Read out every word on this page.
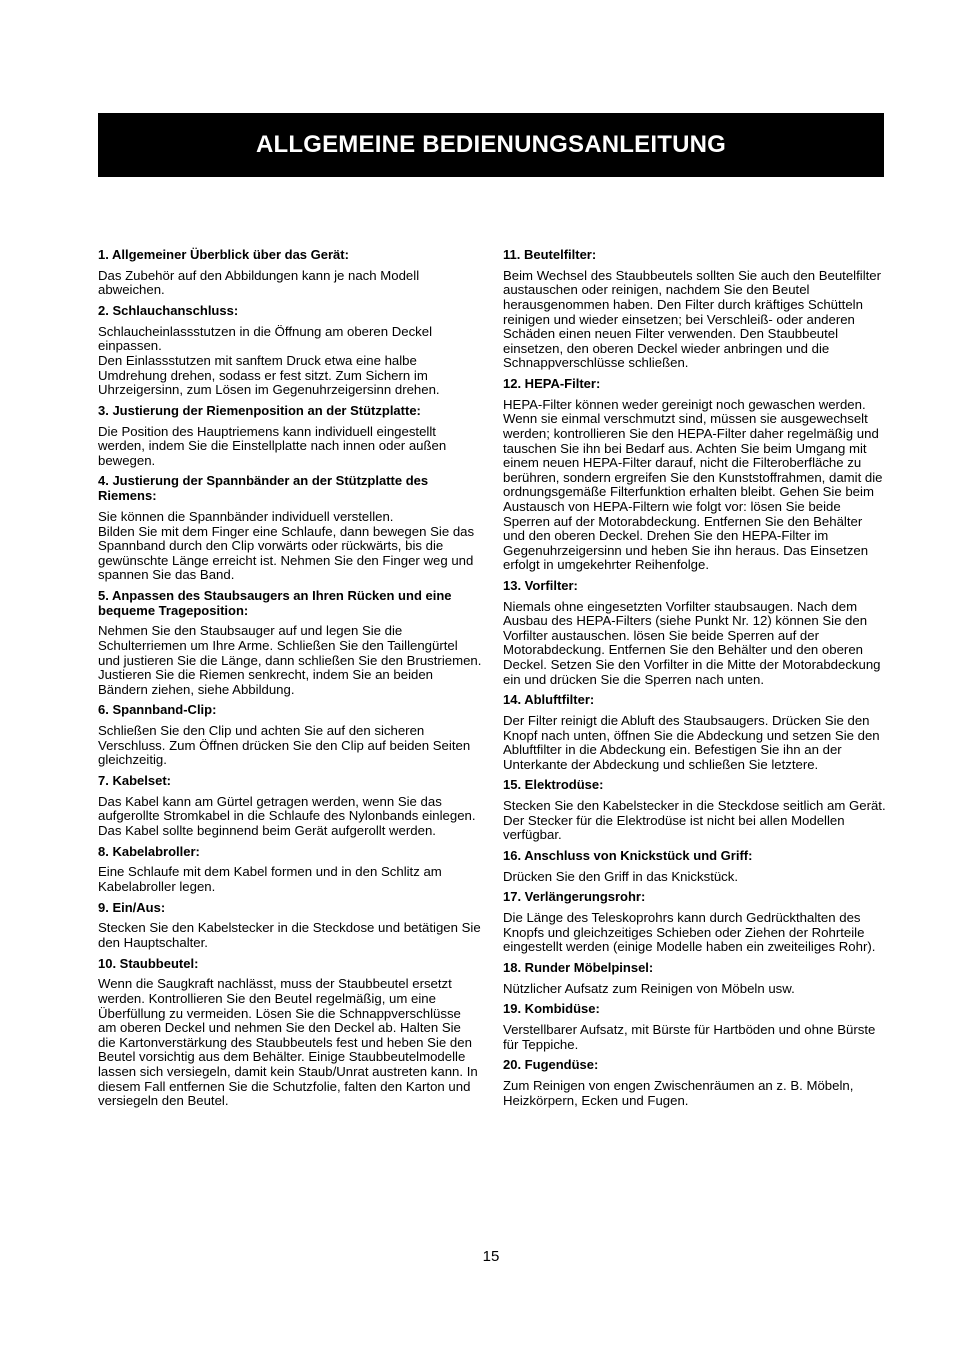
ALLGEMEINE BEDIENUNGSANLEITUNG
1. Allgemeiner Überblick über das Gerät:

Das Zubehör auf den Abbildungen kann je nach Modell abweichen.

2. Schlauchanschluss:

Schlaucheinlassstutzen in die Öffnung am oberen Deckel einpassen.
Den Einlassstutzen mit sanftem Druck etwa eine halbe Umdrehung drehen, sodass er fest sitzt. Zum Sichern im Uhrzeigersinn, zum Lösen im Gegenuhrzeigersinn drehen.

3. Justierung der Riemenposition an der Stützplatte:

Die Position des Hauptriemens kann individuell eingestellt werden, indem Sie die Einstellplatte nach innen oder außen bewegen.

4. Justierung der Spannbänder an der Stützplatte des Riemens:

Sie können die Spannbänder individuell verstellen.
Bilden Sie mit dem Finger eine Schlaufe, dann bewegen Sie das Spannband durch den Clip vorwärts oder rückwärts, bis die gewünschte Länge erreicht ist. Nehmen Sie den Finger weg und spannen Sie das Band.

5. Anpassen des Staubsaugers an Ihren Rücken und eine bequeme Trageposition:

Nehmen Sie den Staubsauger auf und legen Sie die Schulterriemen um Ihre Arme. Schließen Sie den Taillengürtel und justieren Sie die Länge, dann schließen Sie den Brustriemen. Justieren Sie die Riemen senkrecht, indem Sie an beiden Bändern ziehen, siehe Abbildung.

6. Spannband-Clip:

Schließen Sie den Clip und achten Sie auf den sicheren Verschluss. Zum Öffnen drücken Sie den Clip auf beiden Seiten gleichzeitig.

7. Kabelset:

Das Kabel kann am Gürtel getragen werden, wenn Sie das aufgerollte Stromkabel in die Schlaufe des Nylonbands einlegen. Das Kabel sollte beginnend beim Gerät aufgerollt werden.

8. Kabelabroller:

Eine Schlaufe mit dem Kabel formen und in den Schlitz am Kabelabroller legen.

9. Ein/Aus:

Stecken Sie den Kabelstecker in die Steckdose und betätigen Sie den Hauptschalter.

10. Staubbeutel:

Wenn die Saugkraft nachlässt, muss der Staubbeutel ersetzt werden. Kontrollieren Sie den Beutel regelmäßig, um eine Überfüllung zu vermeiden. Lösen Sie die Schnappverschlüsse am oberen Deckel und nehmen Sie den Deckel ab. Halten Sie die Kartonverstärkung des Staubbeutels fest und heben Sie den Beutel vorsichtig aus dem Behälter. Einige Staubbeutelmodelle lassen sich versiegeln, damit kein Staub/Unrat austreten kann. In diesem Fall entfernen Sie die Schutzfolie, falten den Karton und versiegeln den Beutel.

11. Beutelfilter:

Beim Wechsel des Staubbeutels sollten Sie auch den Beutelfilter austauschen oder reinigen, nachdem Sie den Beutel herausgenommen haben. Den Filter durch kräftiges Schütteln reinigen und wieder einsetzen; bei Verschleiß- oder anderen Schäden einen neuen Filter verwenden. Den Staubbeutel einsetzen, den oberen Deckel wieder anbringen und die Schnappverschlüsse schließen.

12. HEPA-Filter:

HEPA-Filter können weder gereinigt noch gewaschen werden. Wenn sie einmal verschmutzt sind, müssen sie ausgewechselt werden; kontrollieren Sie den HEPA-Filter daher regelmäßig und tauschen Sie ihn bei Bedarf aus. Achten Sie beim Umgang mit einem neuen HEPA-Filter darauf, nicht die Filteroberfläche zu berühren, sondern ergreifen Sie den Kunststoffrahmen, damit die ordnungsgemäße Filterfunktion erhalten bleibt. Gehen Sie beim Austausch von HEPA-Filtern wie folgt vor: lösen Sie beide Sperren auf der Motorabdeckung. Entfernen Sie den Behälter und den oberen Deckel. Drehen Sie den HEPA-Filter im Gegenuhrzeigersinn und heben Sie ihn heraus. Das Einsetzen erfolgt in umgekehrter Reihenfolge.

13. Vorfilter:

Niemals ohne eingesetzten Vorfilter staubsaugen. Nach dem Ausbau des HEPA-Filters (siehe Punkt Nr. 12) können Sie den Vorfilter austauschen. lösen Sie beide Sperren auf der Motorabdeckung. Entfernen Sie den Behälter und den oberen Deckel. Setzen Sie den Vorfilter in die Mitte der Motorabdeckung ein und drücken Sie die Sperren nach unten.

14. Abluftfilter:

Der Filter reinigt die Abluft des Staubsaugers. Drücken Sie den Knopf nach unten, öffnen Sie die Abdeckung und setzen Sie den Abluftfilter in die Abdeckung ein. Befestigen Sie ihn an der Unterkante der Abdeckung und schließen Sie letztere.

15. Elektrodüse:

Stecken Sie den Kabelstecker in die Steckdose seitlich am Gerät. Der Stecker für die Elektrodüse ist nicht bei allen Modellen verfügbar.

16. Anschluss von Knickstück und Griff:

Drücken Sie den Griff in das Knickstück.

17. Verlängerungsrohr:

Die Länge des Teleskoprohrs kann durch Gedrückthalten des Knopfs und gleichzeitiges Schieben oder Ziehen der Rohrteile eingestellt werden (einige Modelle haben ein zweiteiliges Rohr).

18. Runder Möbelpinsel:

Nützlicher Aufsatz zum Reinigen von Möbeln usw.

19. Kombidüse:

Verstellbarer Aufsatz, mit Bürste für Hartböden und ohne Bürste für Teppiche.

20. Fugendüse:

Zum Reinigen von engen Zwischenräumen an z. B. Möbeln, Heizkörpern, Ecken und Fugen.

15
